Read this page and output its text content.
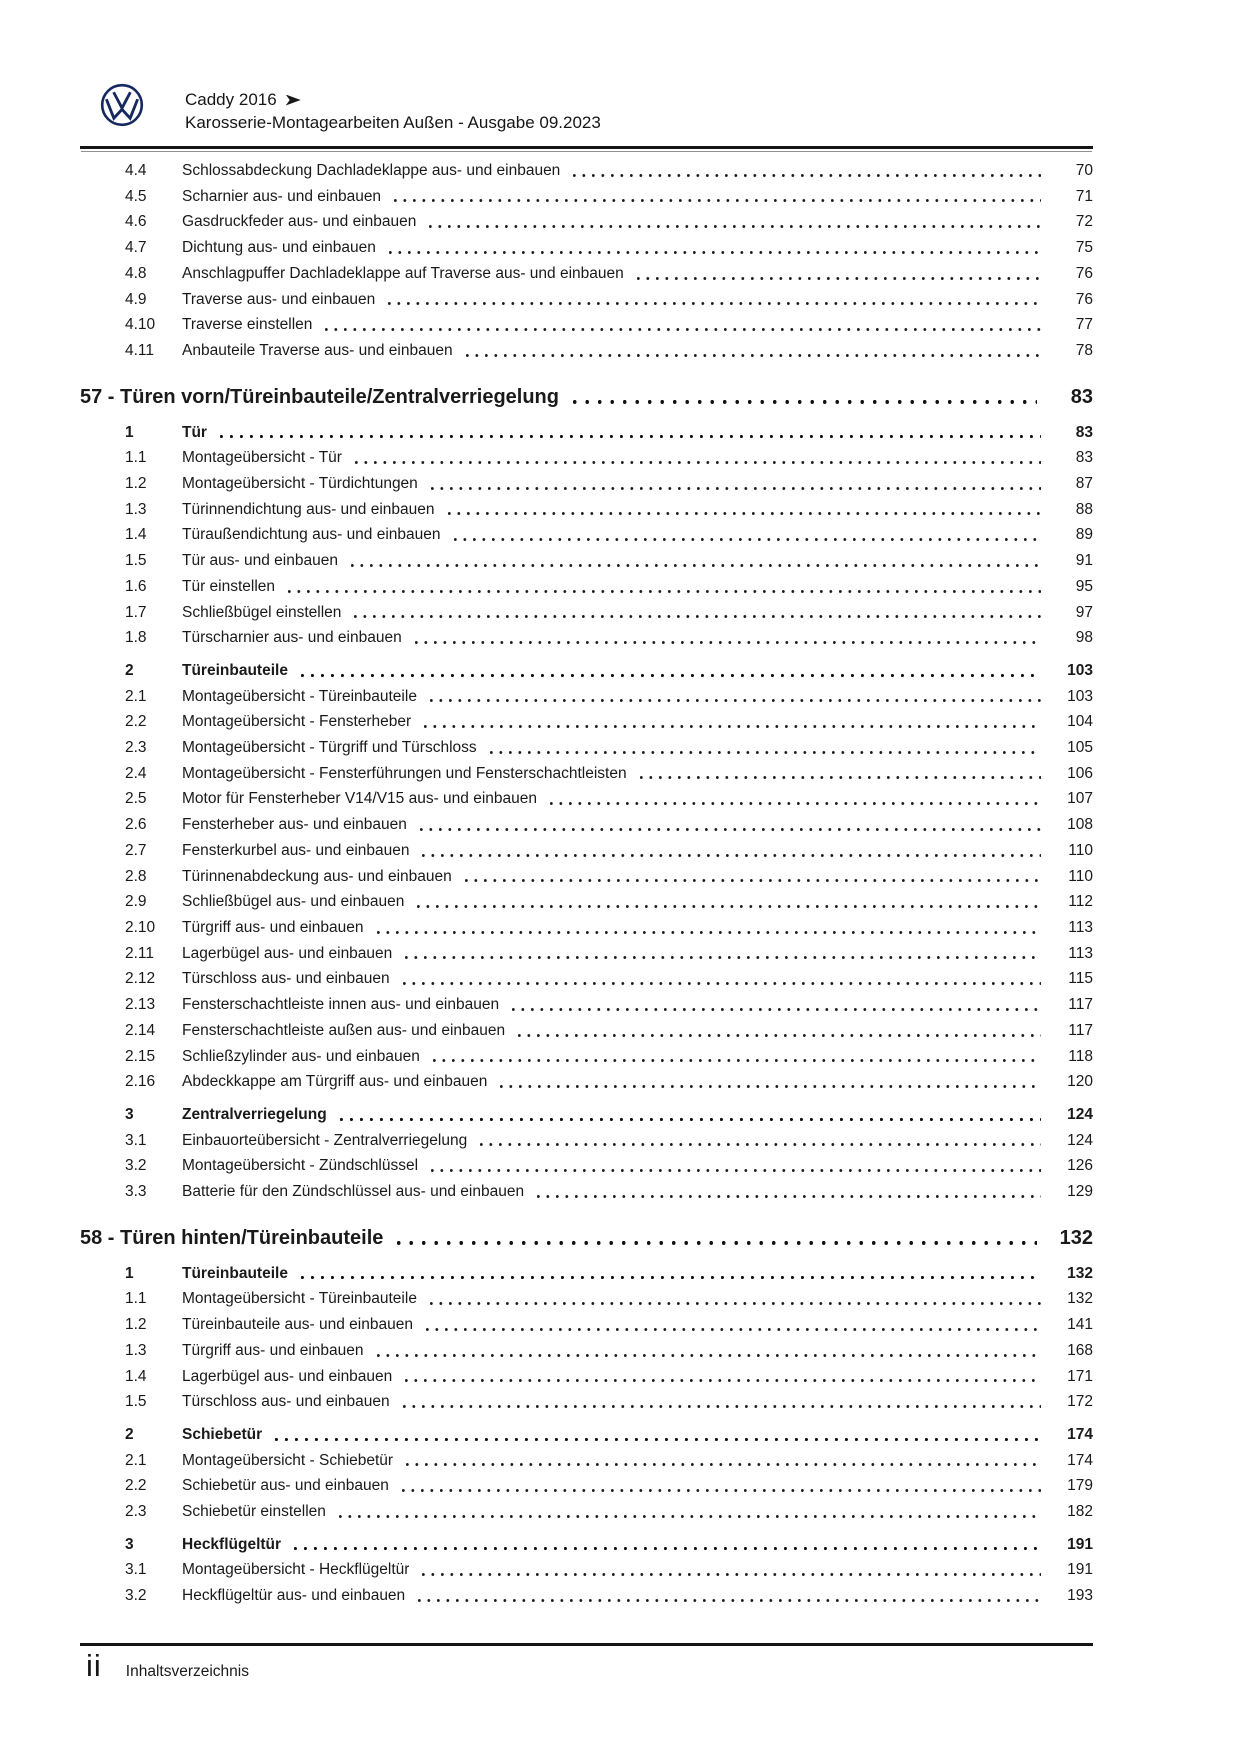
Caddy 2016
Karosserie-Montagearbeiten Außen - Ausgabe 09.2023
4.4	Schlossabdeckung Dachladeklappe aus- und einbauen	70
4.5	Scharnier aus- und einbauen	71
4.6	Gasdruckfeder aus- und einbauen	72
4.7	Dichtung aus- und einbauen	75
4.8	Anschlagpuffer Dachladeklappe auf Traverse aus- und einbauen	76
4.9	Traverse aus- und einbauen	76
4.10	Traverse einstellen	77
4.11	Anbauteile Traverse aus- und einbauen	78
57 - Türen vorn/Türeinbauteile/Zentralverriegelung	83
1	Tür	83
1.1	Montageübersicht - Tür	83
1.2	Montageübersicht - Türdichtungen	87
1.3	Türinnendichtung aus- und einbauen	88
1.4	Türaußendichtung aus- und einbauen	89
1.5	Tür aus- und einbauen	91
1.6	Tür einstellen	95
1.7	Schließbügel einstellen	97
1.8	Türscharnier aus- und einbauen	98
2	Türeinbauteile	103
2.1	Montageübersicht - Türeinbauteile	103
2.2	Montageübersicht - Fensterheber	104
2.3	Montageübersicht - Türgriff und Türschloss	105
2.4	Montageübersicht - Fensterführungen und Fensterschachtleisten	106
2.5	Motor für Fensterheber V14/V15 aus- und einbauen	107
2.6	Fensterheber aus- und einbauen	108
2.7	Fensterkurbel aus- und einbauen	110
2.8	Türinnenabdeckung aus- und einbauen	110
2.9	Schließbügel aus- und einbauen	112
2.10	Türgriff aus- und einbauen	113
2.11	Lagerbügel aus- und einbauen	113
2.12	Türschloss aus- und einbauen	115
2.13	Fensterschachtleiste innen aus- und einbauen	117
2.14	Fensterschachtleiste außen aus- und einbauen	117
2.15	Schließzylinder aus- und einbauen	118
2.16	Abdeckkappe am Türgriff aus- und einbauen	120
3	Zentralverriegelung	124
3.1	Einbauorteübersicht - Zentralverriegelung	124
3.2	Montageübersicht - Zündschlüssel	126
3.3	Batterie für den Zündschlüssel aus- und einbauen	129
58 - Türen hinten/Türeinbauteile	132
1	Türeinbauteile	132
1.1	Montageübersicht - Türeinbauteile	132
1.2	Türeinbauteile aus- und einbauen	141
1.3	Türgriff aus- und einbauen	168
1.4	Lagerbügel aus- und einbauen	171
1.5	Türschloss aus- und einbauen	172
2	Schiebetür	174
2.1	Montageübersicht - Schiebetür	174
2.2	Schiebetür aus- und einbauen	179
2.3	Schiebetür einstellen	182
3	Heckflügeltür	191
3.1	Montageübersicht - Heckflügeltür	191
3.2	Heckflügeltür aus- und einbauen	193
ii Inhaltsverzeichnis
